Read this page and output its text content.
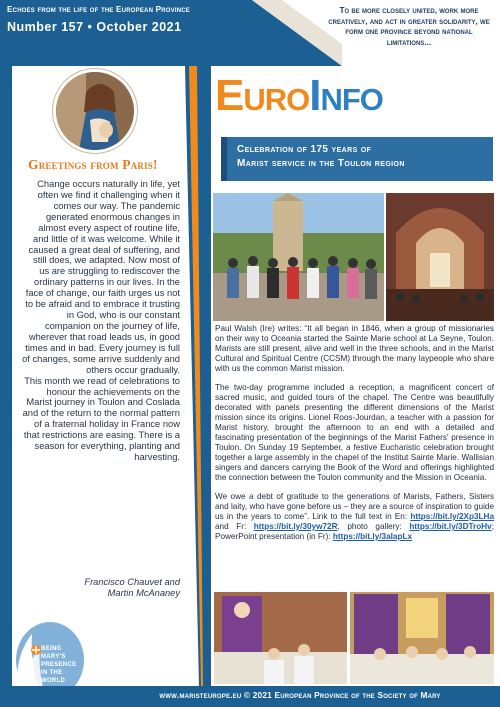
Echoes from the life of the European Province
Number 157 • October 2021
To be more closely united, work more creatively, and act in greater solidarity, we form one province beyond national limitations...
Greetings from Paris!

Change occurs naturally in life, yet often we find it challenging when it comes our way. The pandemic generated enormous changes in almost every aspect of routine life, and little of it was welcome. While it caused a great deal of suffering, and still does, we adapted. Now most of us are struggling to rediscover the ordinary patterns in our lives. In the face of change, our faith urges us not to be afraid and to embrace it trusting in God, who is our constant companion on the journey of life, wherever that road leads us, in good times and in bad. Every journey is full of changes, some arrive suddenly and others occur gradually.

This month we read of celebrations to honour the achievements on the Marist journey in Toulon and Coslada and of the return to the normal pattern of a fraternal holiday in France now that restrictions are easing. There is a season for everything, planting and harvesting.

Francisco Chauvet and
Martin McAnaney
BEING
MARY'S
PRESENCE
IN THE
WORLD
EuroInfo
Celebration of 175 years of
Marist service in the Toulon region

Paul Walsh (Ire) writes: “It all began in 1846, when a group of missionaries on their way to Oceania started the Sainte Marie school at La Seyne, Toulon. Marists are still present, alive and well in the three schools, and in the Marist Cultural and Spiritual Centre (CCSM) through the many laypeople who share with us the common Marist mission.

The two-day programme included a reception, a magnificent concert of sacred music, and guided tours of the chapel. The Centre was beautifully decorated with panels presenting the different dimensions of the Marist mission since its origins. Lionel Roos-Jourdan, a teacher with a passion for Marist history, brought the afternoon to an end with a detailed and fascinating presentation of the beginnings of the Marist Fathers' presence in Toulon. On Sunday 19 September, a festive Eucharistic celebration brought together a large assembly in the chapel of the Institut Sainte Marie. Wallisian singers and dancers carrying the Book of the Word and offerings highlighted the connection between the Toulon community and the Mission in Oceania.

We owe a debt of gratitude to the generations of Marists, Fathers, Sisters and laity, who have gone before us – they are a source of inspiration to guide us in the years to come”. Link to the full text in En: https://bit.ly/2Xp3LHa and Fr: https://bit.ly/30yw72R; photo gallery: https://bit.ly/3DTroHv; PowerPoint presentation (in Fr): https://bit.ly/3aIapLx

www.maristeurope.eu © 2021 European Province of the Society of Mary
